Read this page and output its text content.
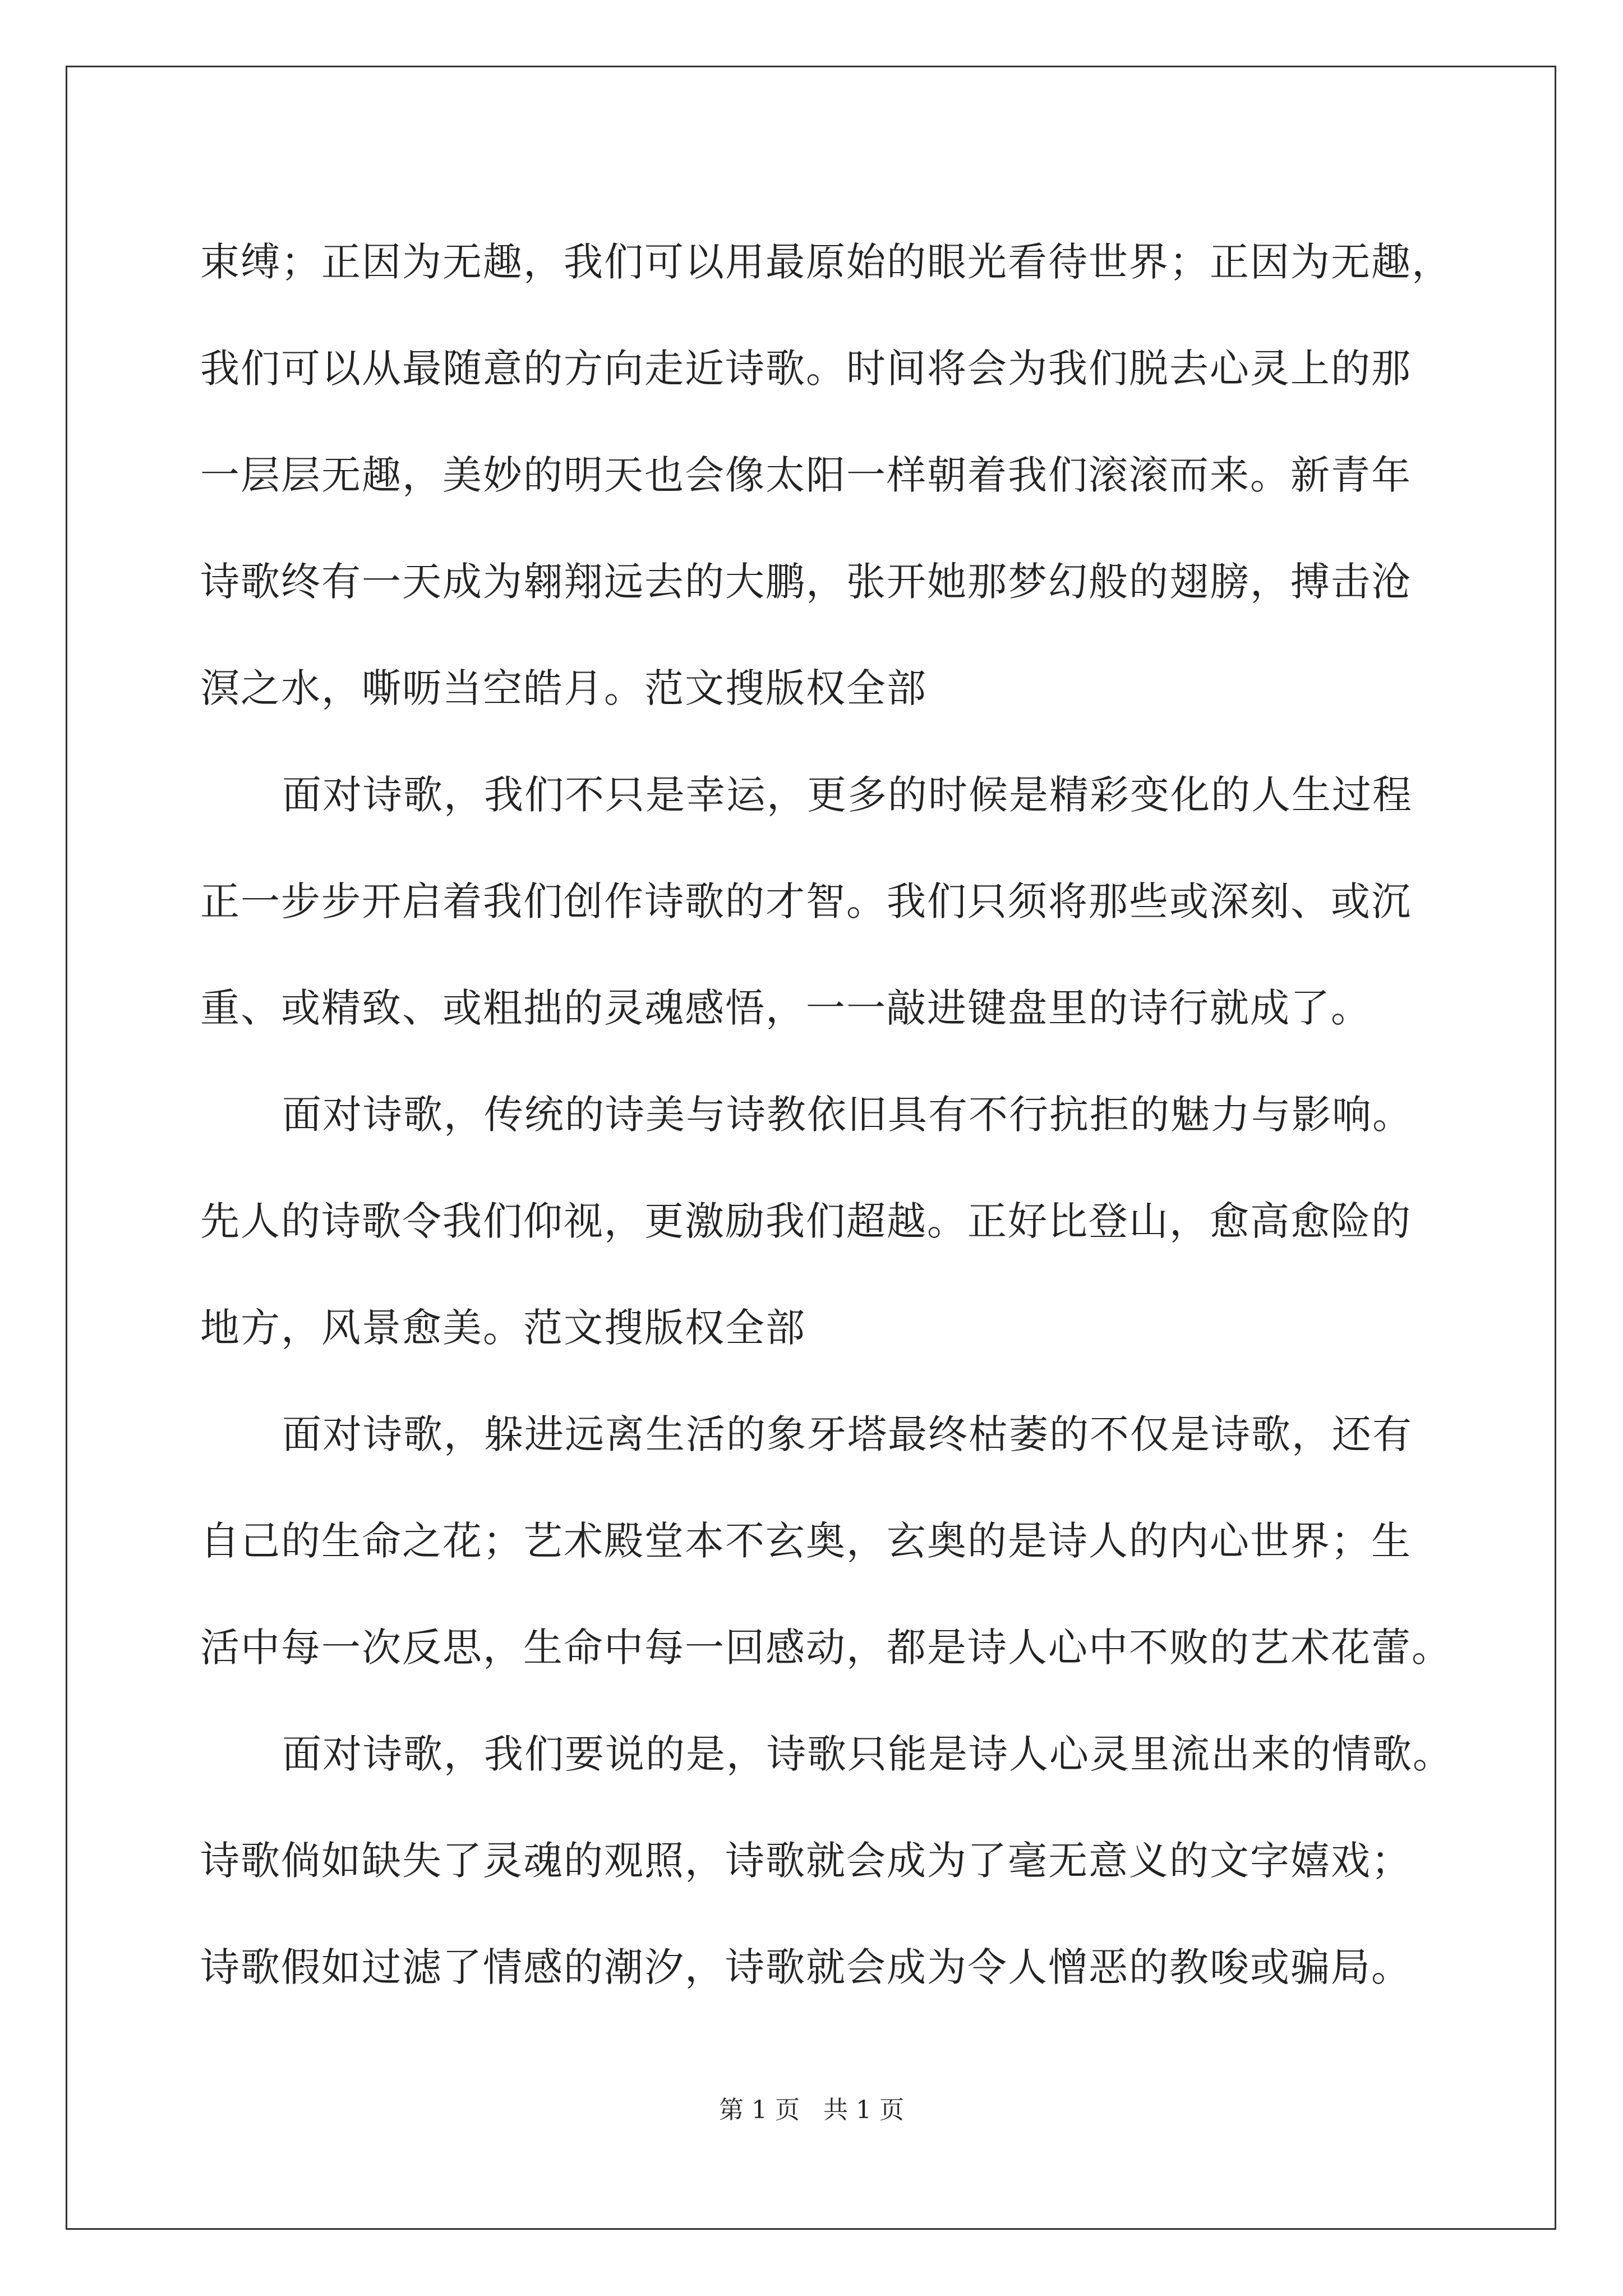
束缚；正因为无趣，我们可以用最原始的眼光看待世界；正因为无趣，
我们可以从最随意的方向走近诗歌。时间将会为我们脱去心灵上的那
一层层无趣，美妙的明天也会像太阳一样朝着我们滚滚而来。新青年
诗歌终有一天成为翱翔远去的大鹏，张开她那梦幻般的翅膀，搏击沧
溟之水，嘶呖当空皓月。范文搜版权全部
面对诗歌，我们不只是幸运，更多的时候是精彩变化的人生过程
正一步步开启着我们创作诗歌的才智。我们只须将那些或深刻、或沉
重、或精致、或粗拙的灵魂感悟，一一敲进键盘里的诗行就成了。
面对诗歌，传统的诗美与诗教依旧具有不行抗拒的魅力与影响。
先人的诗歌令我们仰视，更激励我们超越。正好比登山，愈高愈险的
地方，风景愈美。范文搜版权全部
面对诗歌，躲进远离生活的象牙塔最终枯萎的不仅是诗歌，还有
自己的生命之花；艺术殿堂本不玄奥，玄奥的是诗人的内心世界；生
活中每一次反思，生命中每一回感动，都是诗人心中不败的艺术花蕾。
面对诗歌，我们要说的是，诗歌只能是诗人心灵里流出来的情歌。
诗歌倘如缺失了灵魂的观照，诗歌就会成为了毫无意义的文字嬉戏；
诗歌假如过滤了情感的潮汐，诗歌就会成为令人憎恶的教唆或骗局。
第 1 页 共 1 页
